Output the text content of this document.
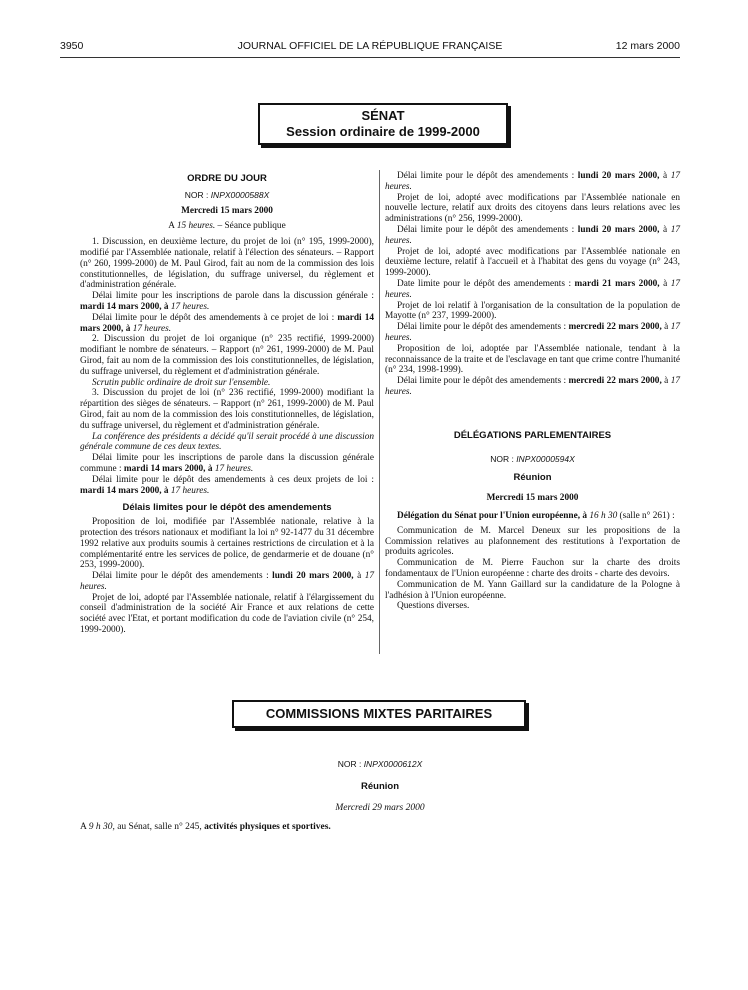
3950	JOURNAL OFFICIEL DE LA RÉPUBLIQUE FRANÇAISE	12 mars 2000
SÉNAT
Session ordinaire de 1999-2000
ORDRE DU JOUR
NOR : INPX0000588X
Mercredi 15 mars 2000
A 15 heures. – Séance publique

1. Discussion, en deuxième lecture, du projet de loi (n° 195, 1999-2000), modifié par l'Assemblée nationale, relatif à l'élection des sénateurs. – Rapport (n° 260, 1999-2000) de M. Paul Girod, fait au nom de la commission des lois constitutionnelles, de législation, du suffrage universel, du règlement et d'administration générale.

Délai limite pour les inscriptions de parole dans la discussion générale : mardi 14 mars 2000, à 17 heures.

Délai limite pour le dépôt des amendements à ce projet de loi : mardi 14 mars 2000, à 17 heures.

2. Discussion du projet de loi organique (n° 235 rectifié, 1999-2000) modifiant le nombre de sénateurs. – Rapport (n° 261, 1999-2000) de M. Paul Girod, fait au nom de la commission des lois constitutionnelles, de législation, du suffrage universel, du règlement et d'administration générale.

Scrutin public ordinaire de droit sur l'ensemble.

3. Discussion du projet de loi (n° 236 rectifié, 1999-2000) modifiant la répartition des sièges de sénateurs. – Rapport (n° 261, 1999-2000) de M. Paul Girod, fait au nom de la commission des lois constitutionnelles, de législation, du suffrage universel, du règlement et d'administration générale.

La conférence des présidents a décidé qu'il serait procédé à une discussion générale commune de ces deux textes.

Délai limite pour les inscriptions de parole dans la discussion générale commune : mardi 14 mars 2000, à 17 heures.

Délai limite pour le dépôt des amendements à ces deux projets de loi : mardi 14 mars 2000, à 17 heures.

Délais limites pour le dépôt des amendements

Proposition de loi, modifiée par l'Assemblée nationale, relative à la protection des trésors nationaux et modifiant la loi n° 92-1477 du 31 décembre 1992 relative aux produits soumis à certaines restrictions de circulation et à la complémentarité entre les services de police, de gendarmerie et de douane (n° 253, 1999-2000).

Délai limite pour le dépôt des amendements : lundi 20 mars 2000, à 17 heures.

Projet de loi, adopté par l'Assemblée nationale, relatif à l'élargissement du conseil d'administration de la société Air France et aux relations de cette société avec l'Etat, et portant modification du code de l'aviation civile (n° 254, 1999-2000).

Délai limite pour le dépôt des amendements : lundi 20 mars 2000, à 17 heures.

Projet de loi, adopté avec modifications par l'Assemblée nationale en nouvelle lecture, relatif aux droits des citoyens dans leurs relations avec les administrations (n° 256, 1999-2000).

Délai limite pour le dépôt des amendements : lundi 20 mars 2000, à 17 heures.

Projet de loi, adopté avec modifications par l'Assemblée nationale en deuxième lecture, relatif à l'accueil et à l'habitat des gens du voyage (n° 243, 1999-2000).

Date limite pour le dépôt des amendements : mardi 21 mars 2000, à 17 heures.

Projet de loi relatif à l'organisation de la consultation de la population de Mayotte (n° 237, 1999-2000).

Délai limite pour le dépôt des amendements : mercredi 22 mars 2000, à 17 heures.

Proposition de loi, adoptée par l'Assemblée nationale, tendant à la reconnaissance de la traite et de l'esclavage en tant que crime contre l'humanité (n° 234, 1998-1999).

Délai limite pour le dépôt des amendements : mercredi 22 mars 2000, à 17 heures.

DÉLÉGATIONS PARLEMENTAIRES
NOR : INPX0000594X
Réunion
Mercredi 15 mars 2000

Délégation du Sénat pour l'Union européenne, à 16 h 30 (salle n° 261) :

Communication de M. Marcel Deneux sur les propositions de la Commission relatives au plafonnement des restitutions à l'exportation de produits agricoles.

Communication de M. Pierre Fauchon sur la charte des droits fondamentaux de l'Union européenne : charte des droits - charte des devoirs.

Communication de M. Yann Gaillard sur la candidature de la Pologne à l'adhésion à l'Union européenne.

Questions diverses.

COMMISSIONS MIXTES PARITAIRES
NOR : INPX0000612X
Réunion
Mercredi 29 mars 2000
A 9 h 30, au Sénat, salle n° 245, activités physiques et sportives.
